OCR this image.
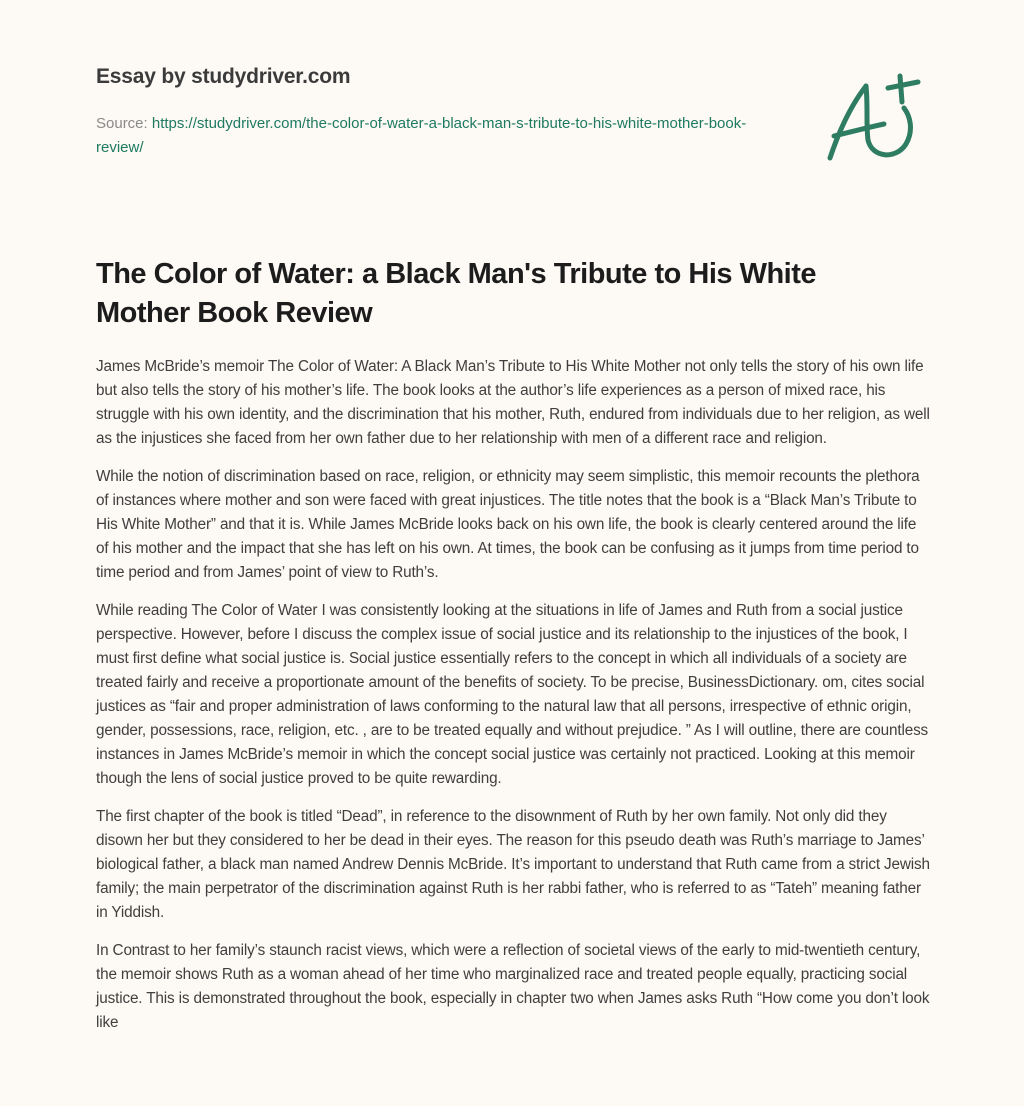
Essay by studydriver.com
Source: https://studydriver.com/the-color-of-water-a-black-man-s-tribute-to-his-white-mother-book-review/
The Color of Water: a Black Man's Tribute to His White Mother Book Review

James McBride’s memoir The Color of Water: A Black Man’s Tribute to His White Mother not only tells the story of his own life but also tells the story of his mother’s life. The book looks at the author’s life experiences as a person of mixed race, his struggle with his own identity, and the discrimination that his mother, Ruth, endured from individuals due to her religion, as well as the injustices she faced from her own father due to her relationship with men of a different race and religion.

While the notion of discrimination based on race, religion, or ethnicity may seem simplistic, this memoir recounts the plethora of instances where mother and son were faced with great injustices. The title notes that the book is a “Black Man’s Tribute to His White Mother” and that it is. While James McBride looks back on his own life, the book is clearly centered around the life of his mother and the impact that she has left on his own. At times, the book can be confusing as it jumps from time period to time period and from James’ point of view to Ruth’s.

While reading The Color of Water I was consistently looking at the situations in life of James and Ruth from a social justice perspective. However, before I discuss the complex issue of social justice and its relationship to the injustices of the book, I must first define what social justice is. Social justice essentially refers to the concept in which all individuals of a society are treated fairly and receive a proportionate amount of the benefits of society. To be precise, BusinessDictionary. om, cites social justices as “fair and proper administration of laws conforming to the natural law that all persons, irrespective of ethnic origin, gender, possessions, race, religion, etc. , are to be treated equally and without prejudice. ” As I will outline, there are countless instances in James McBride’s memoir in which the concept social justice was certainly not practiced. Looking at this memoir though the lens of social justice proved to be quite rewarding.

The first chapter of the book is titled “Dead”, in reference to the disownment of Ruth by her own family. Not only did they disown her but they considered to her be dead in their eyes. The reason for this pseudo death was Ruth’s marriage to James’ biological father, a black man named Andrew Dennis McBride. It’s important to understand that Ruth came from a strict Jewish family; the main perpetrator of the discrimination against Ruth is her rabbi father, who is referred to as “Tateh” meaning father in Yiddish.

In Contrast to her family’s staunch racist views, which were a reflection of societal views of the early to mid-twentieth century, the memoir shows Ruth as a woman ahead of her time who marginalized race and treated people equally, practicing social justice. This is demonstrated throughout the book, especially in chapter two when James asks Ruth “How come you don’t look like
